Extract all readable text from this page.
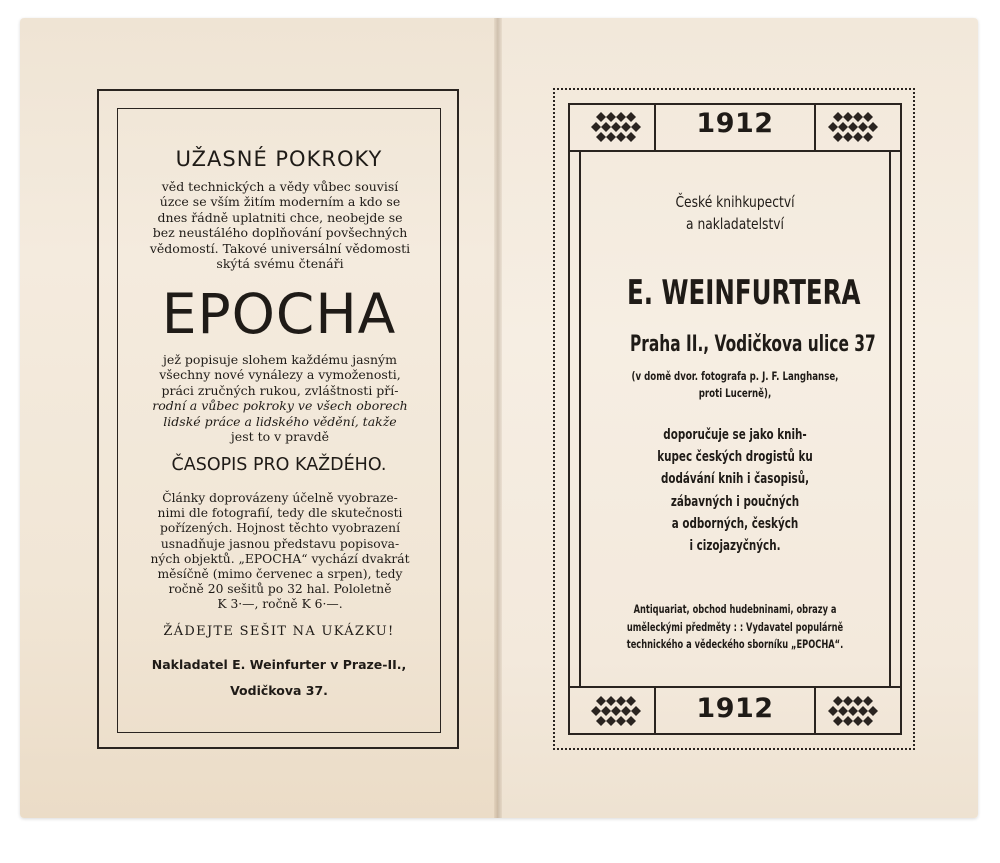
UŽASNÉ POKROKY
věd technických a vědy vůbec souvisí
úzce se vším žitím moderním a kdo se
dnes řádně uplatniti chce, neobejde se
bez neustálého doplňování povšechných
vědomostí. Takové universální vědomosti
skýtá svému čtenáři
EPOCHA
jež popisuje slohem každému jasným
všechny nové vynálezy a vymoženosti,
práci zručných rukou, zvláštnosti pří-
rodní a vůbec pokroky ve všech oborech
lidské práce a lidského vědění, takže
jest to v pravdě
ČASOPIS PRO KAŽDÉHO.
Články doprovázeny účelně vyobraze-
nimi dle fotografií, tedy dle skutečnosti
pořízených. Hojnost těchto vyobrazení
usnadňuje jasnou představu popisova-
ných objektů. „EPOCHA“ vychází dvakrát
měsíčně (mimo červenec a srpen), tedy
ročně 20 sešitů po 32 hal. Pololetně
K 3·—, ročně K 6·—.
ŽÁDEJTE SEŠIT NA UKÁZKU!
Nakladatel E. Weinfurter v Praze-II.,
Vodičkova 37.
1912
1912
České knihkupectví
a nakladatelství
E. WEINFURTERA
Praha II., Vodičkova ulice 37
(v domě dvor. fotografa p. J. F. Langhanse,
proti Lucerně),
doporučuje se jako knih-
kupec českých drogistů ku
dodávání knih i časopisů,
zábavných i poučných
a odborných, českých
i cizojazyčných.
Antiquariat, obchod hudebninami, obrazy a
uměleckými předměty : : Vydavatel populárně
technického a vědeckého sborníku „EPOCHA“.
